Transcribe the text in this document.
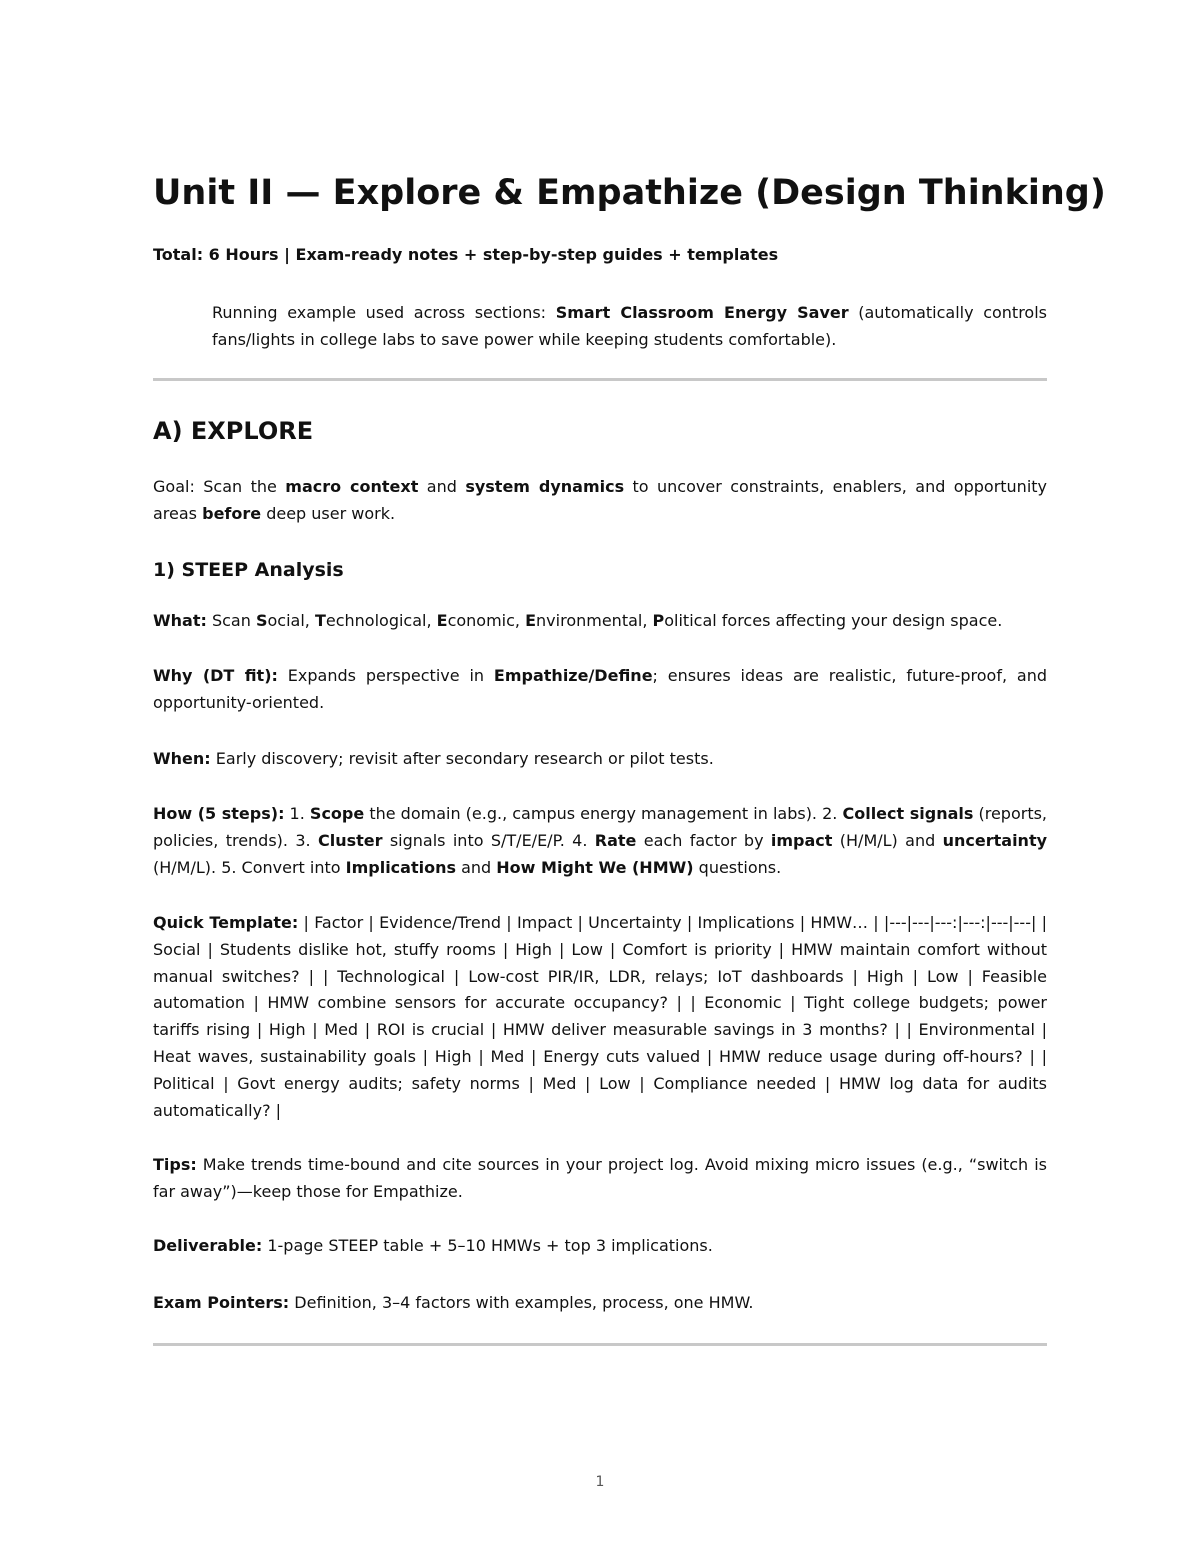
Unit II — Explore & Empathize (Design Thinking)

Total: 6 Hours | Exam-ready notes + step-by-step guides + templates

Running example used across sections: Smart Classroom Energy Saver (automatically controls fans/lights in college labs to save power while keeping students comfortable).

A) EXPLORE

Goal: Scan the macro context and system dynamics to uncover constraints, enablers, and opportunity areas before deep user work.

1) STEEP Analysis

What: Scan Social, Technological, Economic, Environmental, Political forces affecting your design space.

Why (DT fit): Expands perspective in Empathize/Define; ensures ideas are realistic, future-proof, and opportunity-oriented.

When: Early discovery; revisit after secondary research or pilot tests.

How (5 steps): 1. Scope the domain (e.g., campus energy management in labs). 2. Collect signals (reports, policies, trends). 3. Cluster signals into S/T/E/E/P. 4. Rate each factor by impact (H/M/L) and uncertainty (H/M/L). 5. Convert into Implications and How Might We (HMW) questions.

Quick Template: | Factor | Evidence/Trend | Impact | Uncertainty | Implications | HMW… | |---|---|---:|---:|---|---| | Social | Students dislike hot, stuffy rooms | High | Low | Comfort is priority | HMW maintain comfort without manual switches? | | Technological | Low-cost PIR/IR, LDR, relays; IoT dashboards | High | Low | Feasible automation | HMW combine sensors for accurate occupancy? | | Economic | Tight college budgets; power tariffs rising | High | Med | ROI is crucial | HMW deliver measurable savings in 3 months? | | Environmental | Heat waves, sustainability goals | High | Med | Energy cuts valued | HMW reduce usage during off-hours? | | Political | Govt energy audits; safety norms | Med | Low | Compliance needed | HMW log data for audits automatically? |

Tips: Make trends time-bound and cite sources in your project log. Avoid mixing micro issues (e.g., “switch is far away”)—keep those for Empathize.

Deliverable: 1-page STEEP table + 5–10 HMWs + top 3 implications.

Exam Pointers: Definition, 3–4 factors with examples, process, one HMW.

1
